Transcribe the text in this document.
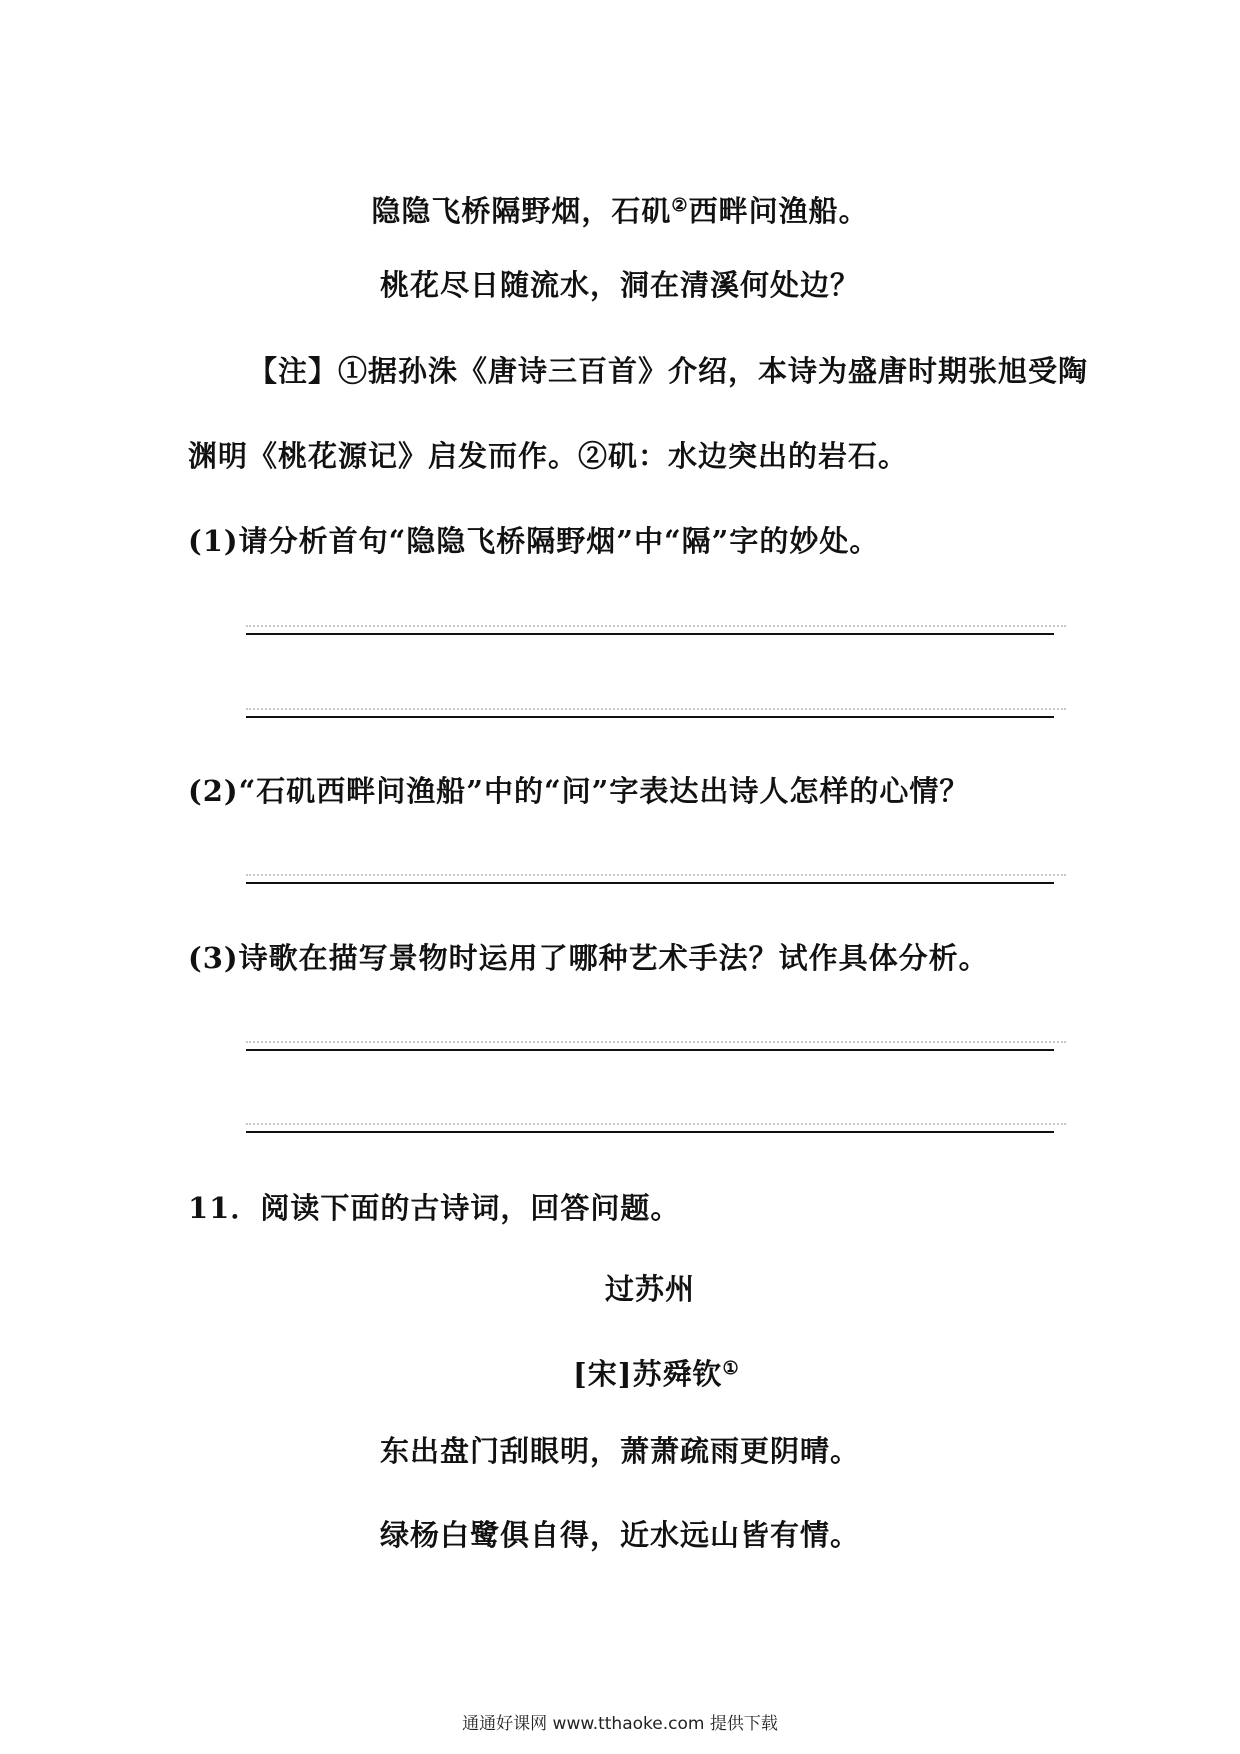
隐隐飞桥隔野烟，石矶②西畔问渔船。
桃花尽日随流水，洞在清溪何处边？
【注】①据孙洙《唐诗三百首》介绍，本诗为盛唐时期张旭受陶
渊明《桃花源记》启发而作。②矶：水边突出的岩石。
(1)请分析首句“隐隐飞桥隔野烟”中“隔”字的妙处。
(2)“石矶西畔问渔船”中的“问”字表达出诗人怎样的心情？
(3)诗歌在描写景物时运用了哪种艺术手法？试作具体分析。
11．阅读下面的古诗词，回答问题。
过苏州
[宋]苏舜钦①
东出盘门刮眼明，萧萧疏雨更阴晴。
绿杨白鹭俱自得，近水远山皆有情。
通通好课网 www.tthaoke.com 提供下载
